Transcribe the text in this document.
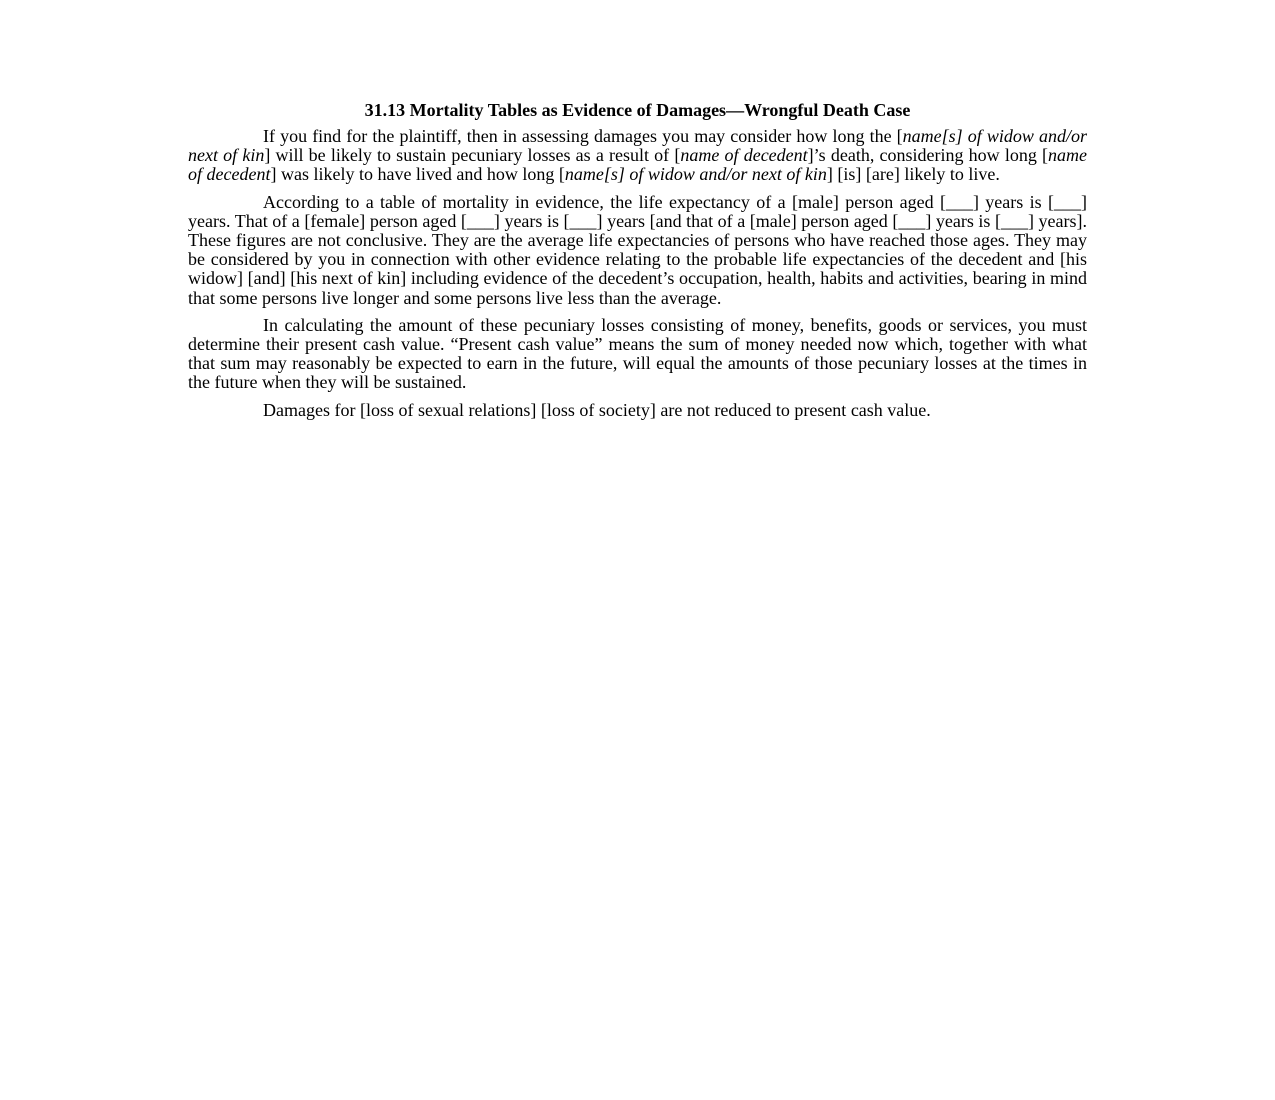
31.13 Mortality Tables as Evidence of Damages—Wrongful Death Case

If you find for the plaintiff, then in assessing damages you may consider how long the [name[s] of widow and/or next of kin] will be likely to sustain pecuniary losses as a result of [name of decedent]’s death, considering how long [name of decedent] was likely to have lived and how long [name[s] of widow and/or next of kin] [is] [are] likely to live.

According to a table of mortality in evidence, the life expectancy of a [male] person aged [___] years is [___] years. That of a [female] person aged [___] years is [___] years [and that of a [male] person aged [___] years is [___] years]. These figures are not conclusive. They are the average life expectancies of persons who have reached those ages. They may be considered by you in connection with other evidence relating to the probable life expectancies of the decedent and [his widow] [and] [his next of kin] including evidence of the decedent’s occupation, health, habits and activities, bearing in mind that some persons live longer and some persons live less than the average.

In calculating the amount of these pecuniary losses consisting of money, benefits, goods or services, you must determine their present cash value. “Present cash value” means the sum of money needed now which, together with what that sum may reasonably be expected to earn in the future, will equal the amounts of those pecuniary losses at the times in the future when they will be sustained.

Damages for [loss of sexual relations] [loss of society] are not reduced to present cash value.
